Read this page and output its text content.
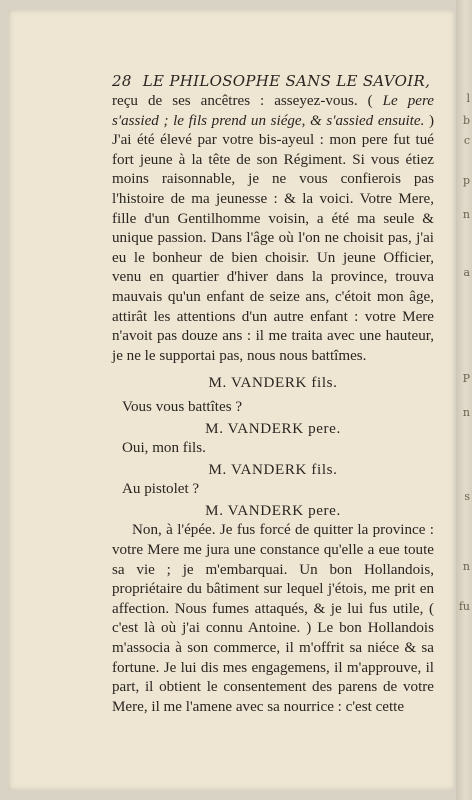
l
b
c
p
n
a
P
n
s
n
fu
28 LE PHILOSOPHE SANS LE SAVOIR,

reçu de ses ancêtres : asseyez-vous. ( Le pere s'assied ; le fils prend un siége, & s'assied ensuite. ) J'ai été élevé par votre bis-ayeul : mon pere fut tué fort jeune à la tête de son Régiment. Si vous étiez moins raisonnable, je ne vous confierois pas l'histoire de ma jeunesse : & la voici. Votre Mere, fille d'un Gentilhomme voisin, a été ma seule & unique passion. Dans l'âge où l'on ne choisit pas, j'ai eu le bonheur de bien choisir. Un jeune Officier, venu en quartier d'hiver dans la province, trouva mauvais qu'un enfant de seize ans, c'étoit mon âge, attirât les attentions d'un autre enfant : votre Mere n'avoit pas douze ans : il me traita avec une hauteur, je ne le supportai pas, nous nous battîmes.

M. VANDERK fils.

Vous vous battîtes ?

M. VANDERK pere.

Oui, mon fils.

M. VANDERK fils.

Au pistolet ?

M. VANDERK pere.

Non, à l'épée. Je fus forcé de quitter la province : votre Mere me jura une constance qu'elle a eue toute sa vie ; je m'embarquai. Un bon Hollandois, propriétaire du bâtiment sur lequel j'étois, me prit en affection. Nous fumes attaqués, & je lui fus utile, ( c'est là où j'ai connu Antoine. ) Le bon Hollandois m'associa à son commerce, il m'offrit sa niéce & sa fortune. Je lui dis mes engagemens, il m'approuve, il part, il obtient le consentement des parens de votre Mere, il me l'amene avec sa nourrice : c'est cette
